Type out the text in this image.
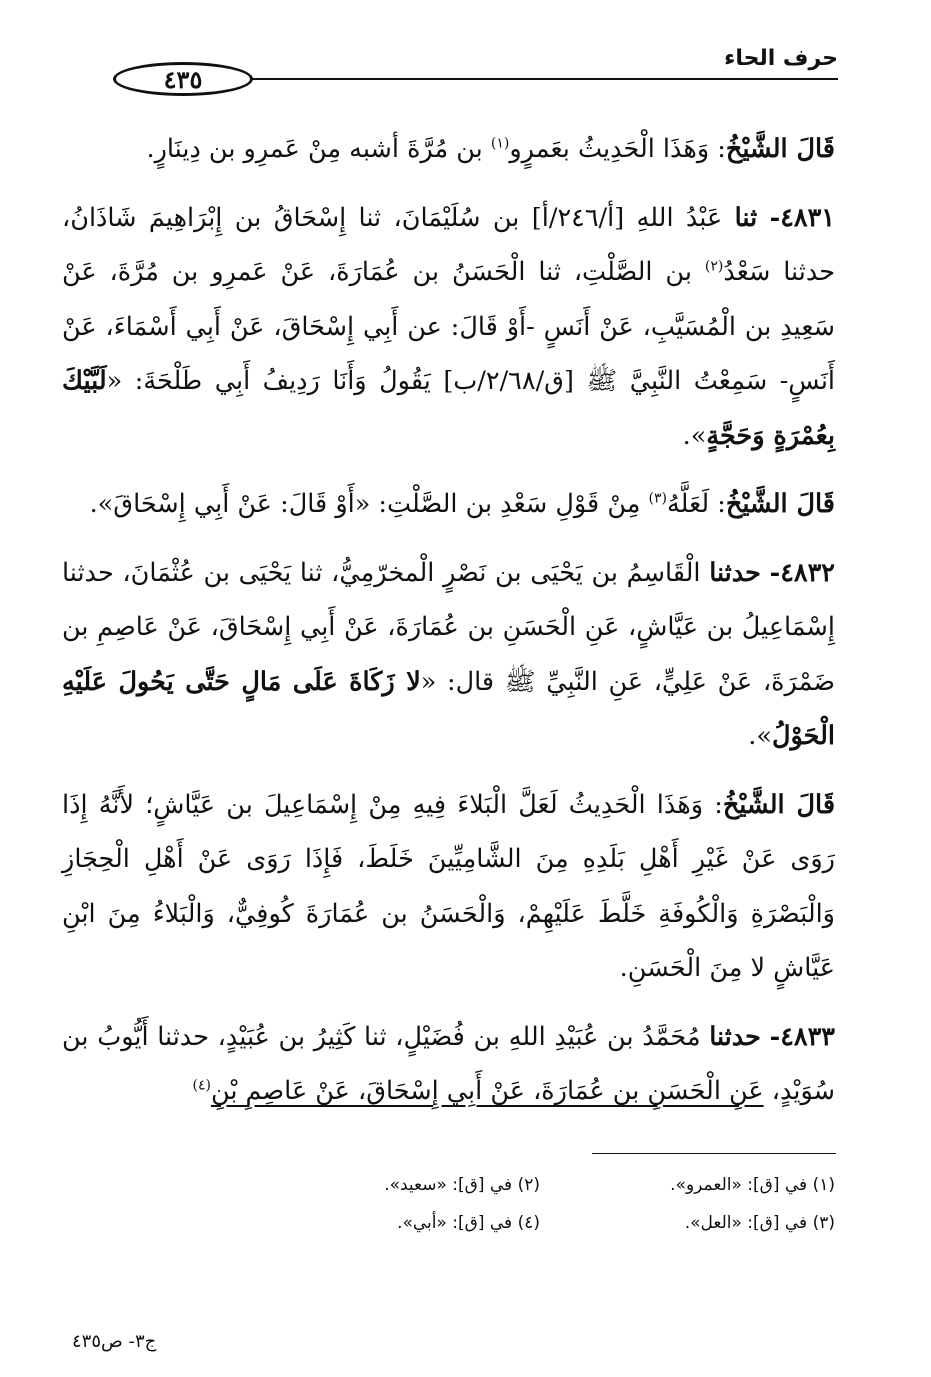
حرف الحاء
٤٣٥

قَالَ الشَّيْخُ: وَهَذَا الْحَدِيثُ بعَمرٍو$^{(١)}$ بن مُرَّةَ أشبه مِنْ عَمرِو بن دِينَارٍ.

٤٨٣١- ثنا عَبْدُ اللهِ [أ/٢٤٦/أ] بن سُلَيْمَانَ، ثنا إِسْحَاقُ بن إِبْرَاهِيمَ شَاذَانُ، حدثنا سَعْدُ$^{(٢)}$ بن الصَّلْتِ، ثنا الْحَسَنُ بن عُمَارَةَ، عَنْ عَمرِو بن مُرَّةَ، عَنْ سَعِيدِ بن الْمُسَيَّبِ، عَنْ أَنَسٍ -أَوْ قَالَ: عن أَبِي إِسْحَاقَ، عَنْ أَبِي أَسْمَاءَ، عَنْ أَنَسٍ- سَمِعْتُ النَّبِيَّ ﷺ [ق/٢/٦٨/ب] يَقُولُ وَأَنَا رَدِيفُ أَبِي طَلْحَةَ: «لَبَّيْكَ بِعُمْرَةٍ وَحَجَّةٍ».

قَالَ الشَّيْخُ: لَعَلَّهُ$^{(٣)}$ مِنْ قَوْلِ سَعْدِ بن الصَّلْتِ: «أَوْ قَالَ: عَنْ أَبِي إِسْحَاقَ».

٤٨٣٢- حدثنا الْقَاسِمُ بن يَحْيَى بن نَصْرٍ الْمخرّمِيُّ، ثنا يَحْيَى بن عُثْمَانَ، حدثنا إِسْمَاعِيلُ بن عَيَّاشٍ، عَنِ الْحَسَنِ بن عُمَارَةَ، عَنْ أَبِي إِسْحَاقَ، عَنْ عَاصِمِ بن ضَمْرَةَ، عَنْ عَلِيٍّ، عَنِ النَّبِيِّ ﷺ قال: «لا زَكَاةَ عَلَى مَالٍ حَتَّى يَحُولَ عَلَيْهِ الْحَوْلُ».

قَالَ الشَّيْخُ: وَهَذَا الْحَدِيثُ لَعَلَّ الْبَلاءَ فِيهِ مِنْ إِسْمَاعِيلَ بن عَيَّاشٍ؛ لأَنَّهُ إِذَا رَوَى عَنْ غَيْرِ أَهْلِ بَلَدِهِ مِنَ الشَّامِيِّينَ خَلَطَ، فَإِذَا رَوَى عَنْ أَهْلِ الْحِجَازِ وَالْبَصْرَةِ وَالْكُوفَةِ خَلَّطَ عَلَيْهِمْ، وَالْحَسَنُ بن عُمَارَةَ كُوفِيٌّ، وَالْبَلاءُ مِنَ ابْنِ عَيَّاشٍ لا مِنَ الْحَسَنِ.

٤٨٣٣- حدثنا مُحَمَّدُ بن عُبَيْدِ اللهِ بن فُضَيْلٍ، ثنا كَثِيرُ بن عُبَيْدٍ، حدثنا أَيُّوبُ بن سُوَيْدٍ، عَنِ الْحَسَنِ بن عُمَارَةَ، عَنْ أَبِي إِسْحَاقَ، عَنْ عَاصِمِ بْنِ$^{(٤)}$

(١) في [ق]: «العمرو».
(٢) في [ق]: «سعيد».
(٣) في [ق]: «العل».
(٤) في [ق]: «أبي».
ج٣- ص٤٣٥
